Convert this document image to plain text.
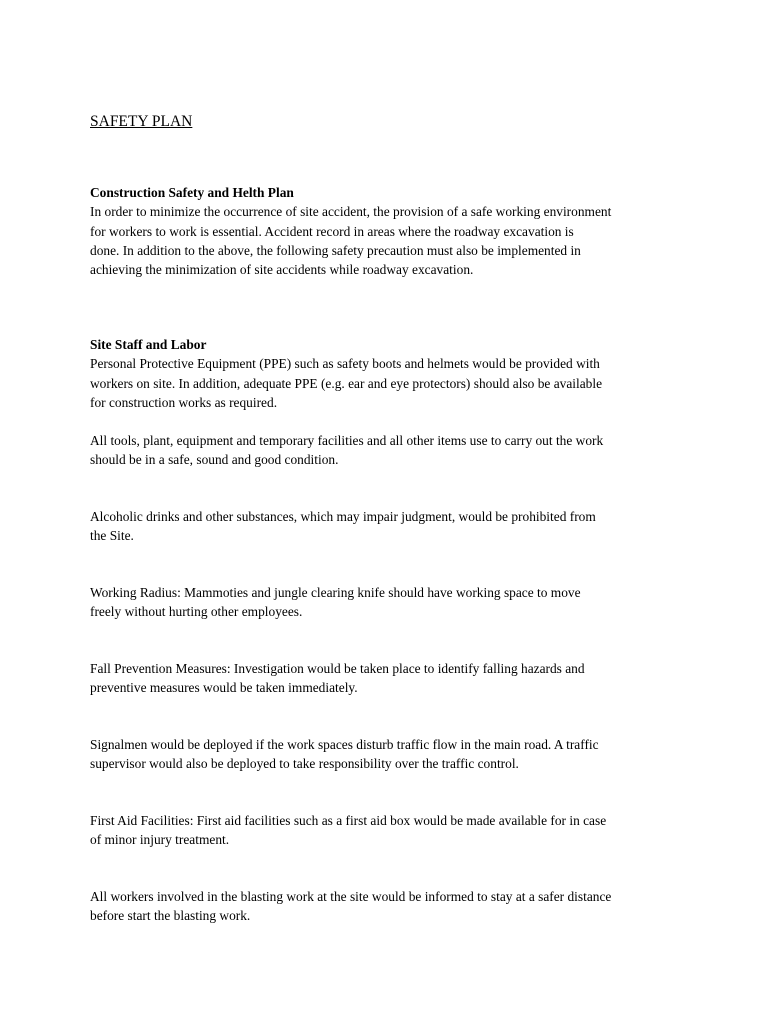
SAFETY PLAN
Construction Safety and Helth Plan
In order to minimize the occurrence of site accident, the provision of a safe working environment
for workers to work is essential. Accident record in areas where the roadway excavation is
done. In addition to the above, the following safety precaution must also be implemented in
achieving the minimization of site accidents while roadway excavation.
Site Staff and Labor
Personal Protective Equipment (PPE) such as safety boots and helmets would be provided with
workers on site. In addition, adequate PPE (e.g. ear and eye protectors) should also be available
for construction works as required.
All tools, plant, equipment and temporary facilities and all other items use to carry out the work
should be in a safe, sound and good condition.
Alcoholic drinks and other substances, which may impair judgment, would be prohibited from
the Site.
Working Radius: Mammoties and jungle clearing knife should have working space to move
freely without hurting other employees.
Fall Prevention Measures: Investigation would be taken place to identify falling hazards and
preventive measures would be taken immediately.
Signalmen would be deployed if the work spaces disturb traffic flow in the main road. A traffic
supervisor would also be deployed to take responsibility over the traffic control.
First Aid Facilities: First aid facilities such as a first aid box would be made available for in case
of minor injury treatment.
All workers involved in the blasting work at the site would be informed to stay at a safer distance
before start the blasting work.
